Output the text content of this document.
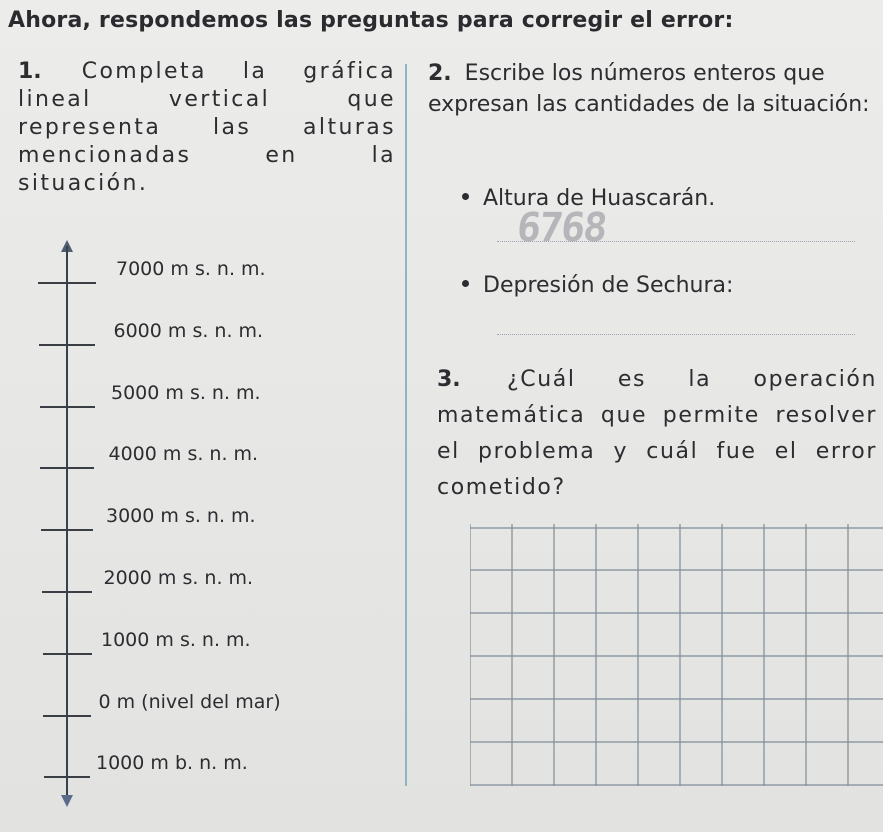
Ahora, respondemos las preguntas para corregir el error:
1. Completa la gráfica lineal vertical que representa las alturas mencionadas en la situación.
7000 m s. n. m.
6000 m s. n. m.
5000 m s. n. m.
4000 m s. n. m.
3000 m s. n. m.
2000 m s. n. m.
1000 m s. n. m.
0 m (nivel del mar)
1000 m b. n. m.
2. Escribe los números enteros que expresan las cantidades de la situación:
Altura de Huascarán.
6768
Depresión de Sechura:
3. ¿Cuál es la operación matemática que permite resolver el problema y cuál fue el error cometido?
